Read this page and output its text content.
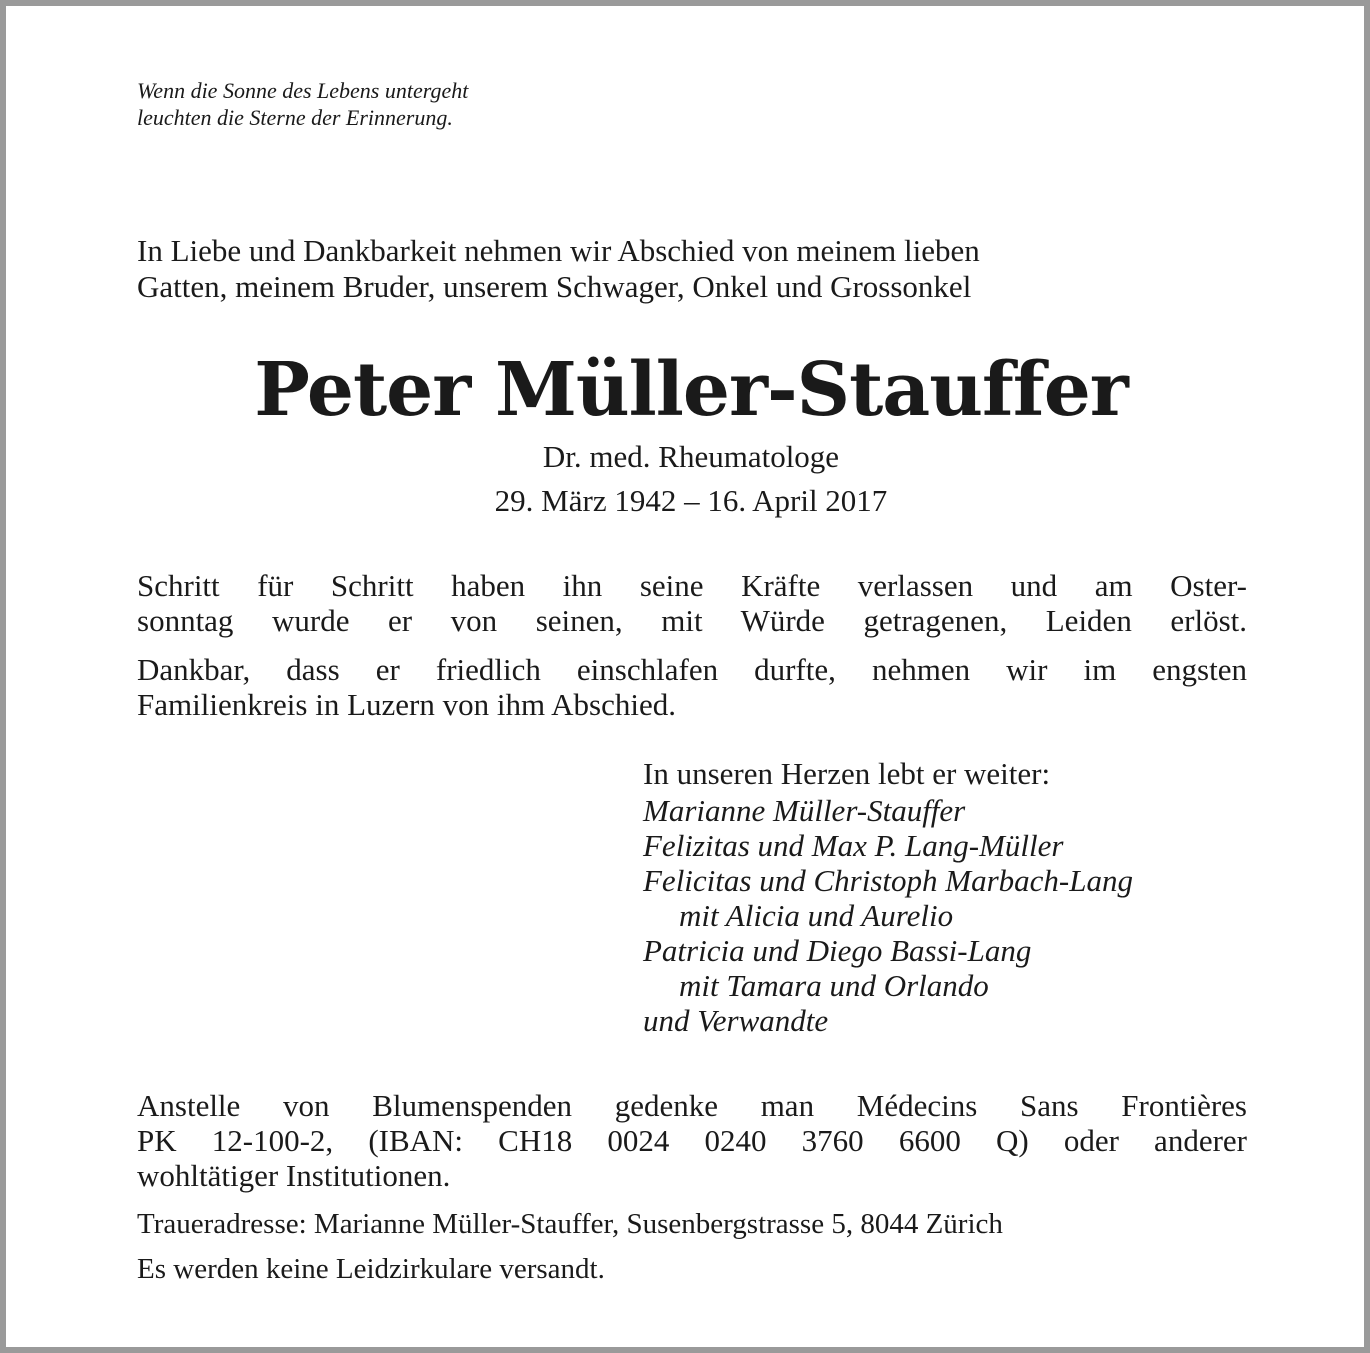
Wenn die Sonne des Lebens untergeht

leuchten die Sterne der Erinnerung.

In Liebe und Dankbarkeit nehmen wir Abschied von meinem lieben

Gatten, meinem Bruder, unserem Schwager, Onkel und Grossonkel

Peter Müller-Stauffer
Dr. med. Rheumatologe
29. März 1942 – 16. April 2017

Schritt für Schritt haben ihn seine Kräfte verlassen und am Oster-

sonntag wurde er von seinen, mit Würde getragenen, Leiden erlöst.

Dankbar, dass er friedlich einschlafen durfte, nehmen wir im engsten

Familienkreis in Luzern von ihm Abschied.

In unseren Herzen lebt er weiter:

Marianne Müller-Stauffer
Felizitas und Max P. Lang-Müller
Felicitas und Christoph Marbach-Lang
mit Alicia und Aurelio
Patricia und Diego Bassi-Lang
mit Tamara und Orlando
und Verwandte

Anstelle von Blumenspenden gedenke man Médecins Sans Frontières

PK 12-100-2, (IBAN: CH18 0024 0240 3760 6600 Q) oder anderer

wohltätiger Institutionen.

Traueradresse: Marianne Müller-Stauffer, Susenbergstrasse 5, 8044 Zürich
Es werden keine Leidzirkulare versandt.
